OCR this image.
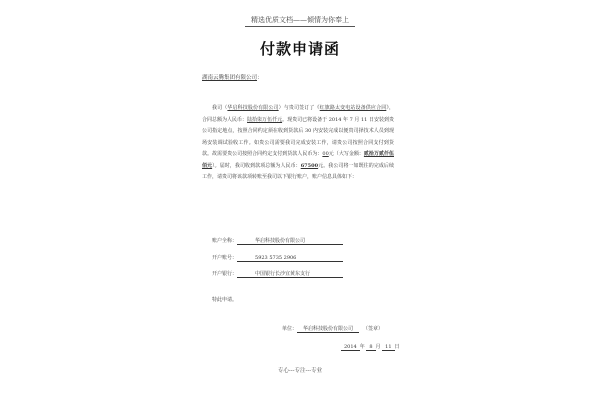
精选优质文档——倾情为你奉上
付款申请函
湖南云腾集团有限公司：
我司（华启科技股份有限公司）与贵司签订了《红旗路太变电站设备供应合同》，合同总额为人民币：陆拾柒万伍仟元。现贵司已将设备于 2014 年 7 月 11 日安装到贵公司指定地点，按照合同约定须在收到货款后 30 内安装完成以便贵司择技术人员到现场安装调试验收工作。如贵公司需要我司完成安装工作，请贵公司按照合同支付到货款。故需要贵公司按照合同约定支付到货款人民币为：00元（大写金额：贰拾万贰仟伍佰元）。届时，我司收到款项总额为人民币：67500元。我公司将一如既往的完成后续工作，请贵司将该款项转账至我司以下银行账户，账户信息具体如下：
账户全称：	华启科技股份有限公司
开户账号：	5923 5735 2906
开户银行：	中国银行长沙宜黄东支行
特此申请。
单位： 华启科技股份有限公司 （签章）
2014 年 8 月 11 日
专心---专注---专业
